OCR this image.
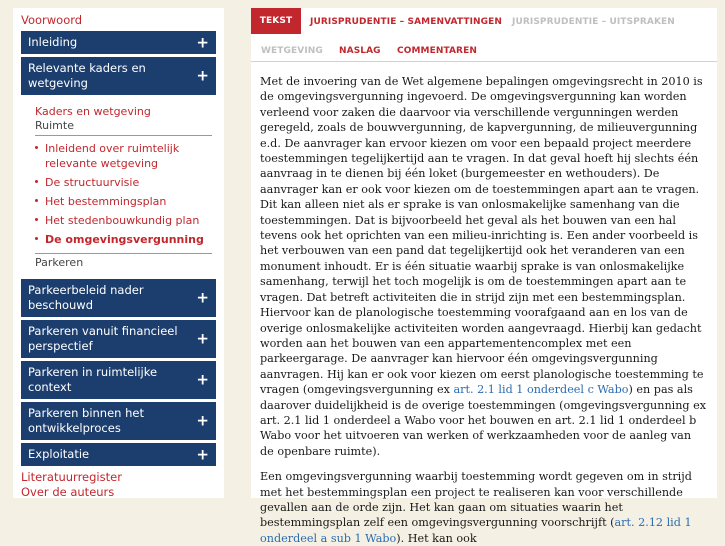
Voorwoord
Inleiding	+
Relevante kaders en wetgeving	+
Kaders en wetgeving
Ruimte
Inleidend over ruimtelijk relevante wetgeving
De structuurvisie
Het bestemmingsplan
Het stedenbouwkundig plan
De omgevingsvergunning
Parkeren
Parkeerbeleid nader beschouwd	+
Parkeren vanuit financieel perspectief	+
Parkeren in ruimtelijke context	+
Parkeren binnen het ontwikkelproces	+
Exploitatie	+
Literatuurregister
Over de auteurs
TEKST	JURISPRUDENTIE – SAMENVATTINGEN JURISPRUDENTIE – UITSPRAKEN
WETGEVING NASLAG COMMENTAREN

Met de invoering van de Wet algemene bepalingen omgevingsrecht in 2010 is de omgevingsvergunning ingevoerd. De omgevingsvergunning kan worden verleend voor zaken die daarvoor via verschillende vergunningen werden geregeld, zoals de bouwvergunning, de kapvergunning, de milieuvergunning e.d. De aanvrager kan ervoor kiezen om voor een bepaald project meerdere toestemmingen tegelijkertijd aan te vragen. In dat geval hoeft hij slechts één aanvraag in te dienen bij één loket (burgemeester en wethouders). De aanvrager kan er ook voor kiezen om de toestemmingen apart aan te vragen. Dit kan alleen niet als er sprake is van onlosmakelijke samenhang van die toestemmingen. Dat is bijvoorbeeld het geval als het bouwen van een hal tevens ook het oprichten van een milieu-inrichting is. Een ander voorbeeld is het verbouwen van een pand dat tegelijkertijd ook het veranderen van een monument inhoudt. Er is één situatie waarbij sprake is van onlosmakelijke samenhang, terwijl het toch mogelijk is om de toestemmingen apart aan te vragen. Dat betreft activiteiten die in strijd zijn met een bestemmingsplan. Hiervoor kan de planologische toestemming voorafgaand aan en los van de overige onlosmakelijke activiteiten worden aangevraagd. Hierbij kan gedacht worden aan het bouwen van een appartementencomplex met een parkeergarage. De aanvrager kan hiervoor één omgevingsvergunning aanvragen. Hij kan er ook voor kiezen om eerst planologische toestemming te vragen (omgevingsvergunning ex art. 2.1 lid 1 onderdeel c Wabo) en pas als daarover duidelijkheid is de overige toestemmingen (omgevingsvergunning ex art. 2.1 lid 1 onderdeel a Wabo voor het bouwen en art. 2.1 lid 1 onderdeel b Wabo voor het uitvoeren van werken of werkzaamheden voor de aanleg van de openbare ruimte).

Een omgevingsvergunning waarbij toestemming wordt gegeven om in strijd met het bestemmingsplan een project te realiseren kan voor verschillende gevallen aan de orde zijn. Het kan gaan om situaties waarin het bestemmingsplan zelf een omgevingsvergunning voorschrijft (art. 2.12 lid 1 onderdeel a sub 1 Wabo). Het kan ook
